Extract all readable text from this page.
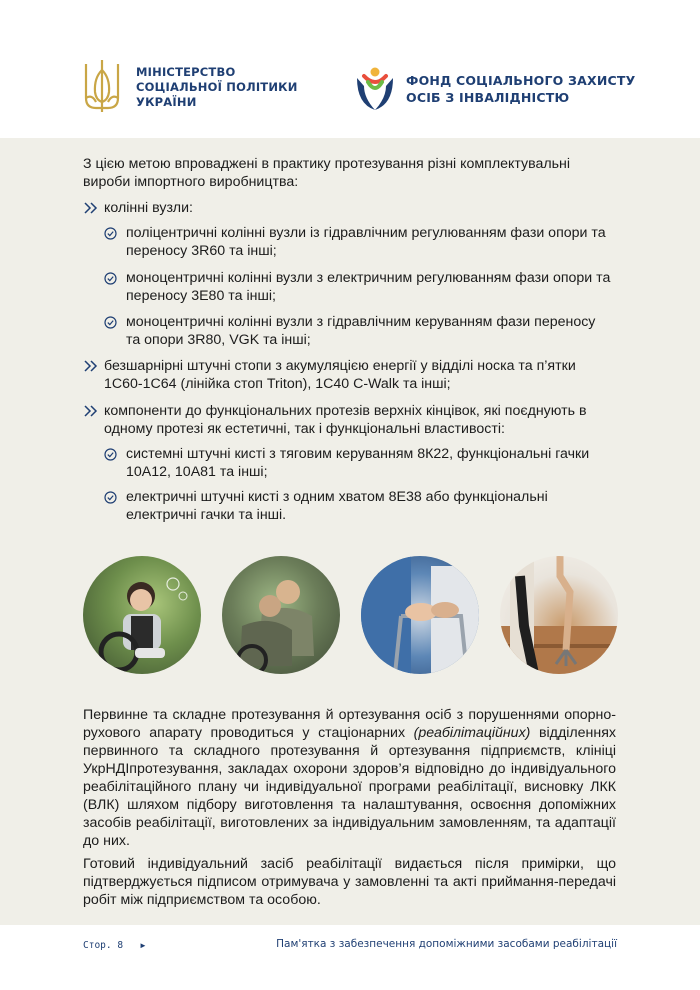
МІНІСТЕРСТВО
СОЦІАЛЬНОЇ ПОЛІТИКИ
УКРАЇНИ
ФОНД СОЦІАЛЬНОГО ЗАХИСТУ
ОСІБ З ІНВАЛІДНІСТЮ

З цією метою впроваджені в практику протезування різні комплектувальні вироби імпортного виробництва:

колінні вузли:
поліцентричні колінні вузли із гідравлічним регулюванням фази опори та переносу 3R60 та інші;
моноцентричні колінні вузли з електричним регулюванням фази опори та переносу 3E80 та інші;
моноцентричні колінні вузли з гідравлічним керуванням фази переносу та опори 3R80, VGK та інші;
безшарнірні штучні стопи з акумуляцією енергії у відділі носка та п’ятки 1С60-1С64 (лінійка стоп Triton), 1С40 C-Walk та інші;
компоненти до функціональних протезів верхніх кінцівок, які поєднують в одному протезі як естетичні, так і функціональні властивості:
системні штучні кисті з тяговим керуванням 8К22, функціональні гачки 10А12, 10А81 та інші;
електричні штучні кисті з одним хватом 8Е38 або функціональні електричні гачки та інші.

Первинне та складне протезування й ортезування осіб з порушеннями опорно-рухового апарату проводиться у стаціонарних (реабілітаційних) відділеннях первинного та складного протезування й ортезування підприємств, клініці УкрНДІпротезування, закладах охорони здоров’я відповідно до індивідуального реабілітаційного плану чи індивідуальної програми реабілітації, висновку ЛКК (ВЛК) шляхом підбору виготовлення та налаштування, освоєння допоміжних засобів реабілітації, виготовлених за індивідуальним замовленням, та адаптації до них.

Готовий індивідуальний засіб реабілітації видається після примірки, що підтверджується підписом отримувача у замовленні та акті приймання-передачі робіт між підприємством та особою.

Стор. 8 ►	Пам'ятка з забезпечення допоміжними засобами реабілітації
